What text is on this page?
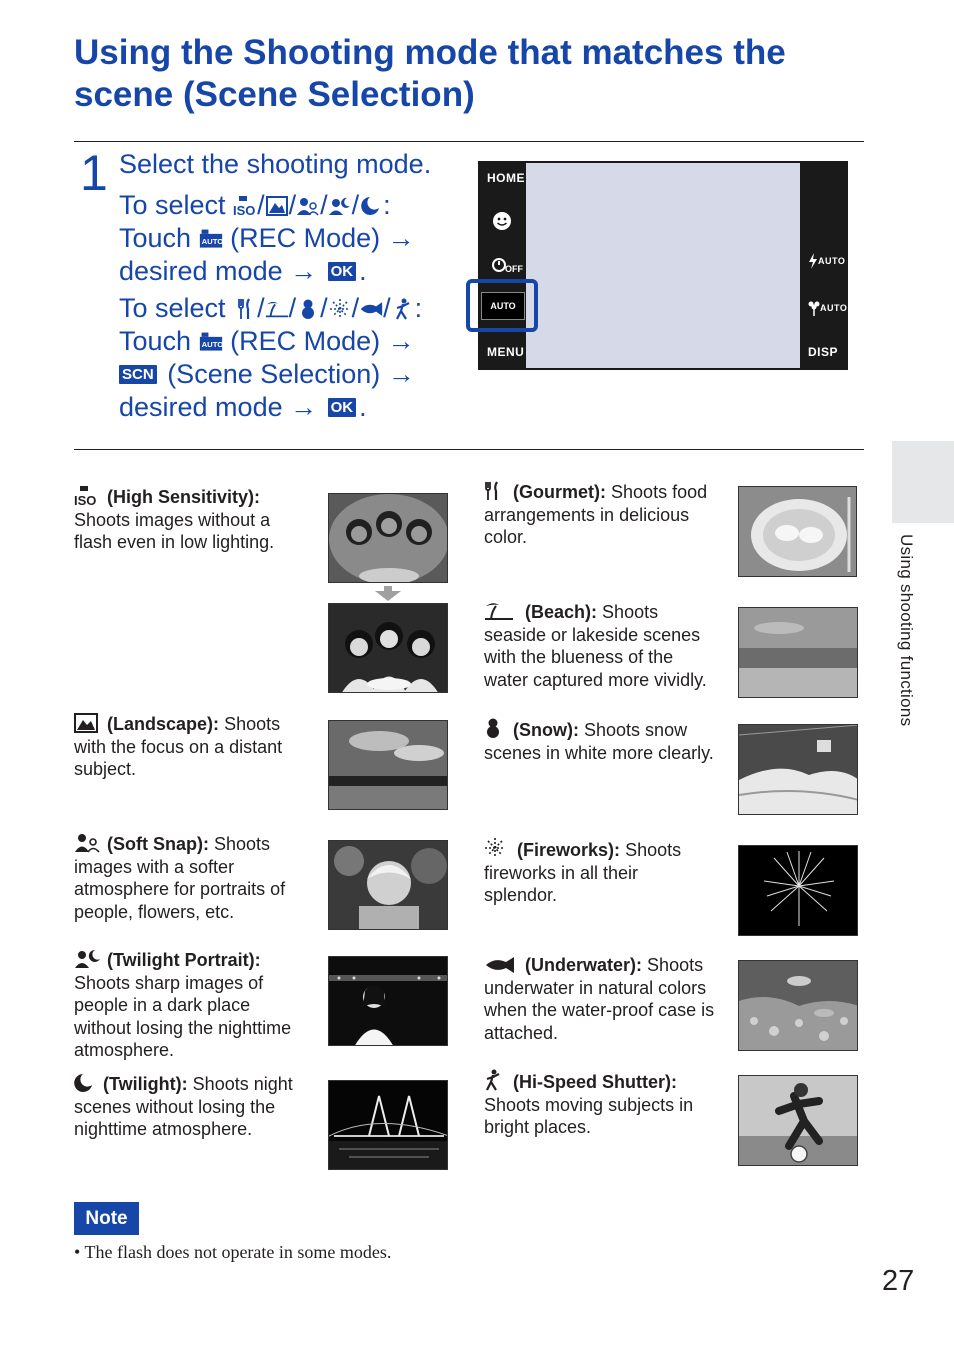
Using the Shooting mode that matches the
scene (Scene Selection)
1 Select the shooting mode.
To select
ISO / / / / :
Touch
AUTO
(REC Mode)
→
desired mode
→
OK .
To select
/ / / / / :
Touch
AUTO
(REC Mode)
→
SCN
(Scene Selection)
→
desired mode
→
OK .
HOME
OFF
AUTO
MENU
AUTO
AUTO
DISP
ISO (High Sensitivity):
Shoots images without a
flash even in low lighting.
(Landscape): Shoots
with the focus on a distant
subject.
(Soft Snap): Shoots
images with a softer
atmosphere for portraits of
people, flowers, etc.
(Twilight Portrait):
Shoots sharp images of
people in a dark place
without losing the nighttime
atmosphere.
(Twilight): Shoots night
scenes without losing the
nighttime atmosphere.
(Gourmet): Shoots food
arrangements in delicious
color.
(Beach): Shoots
seaside or lakeside scenes
with the blueness of the
water captured more vividly.
(Snow): Shoots snow
scenes in white more clearly.
(Fireworks): Shoots
fireworks in all their
splendor.
(Underwater): Shoots
underwater in natural colors
when the water-proof case is
attached.
(Hi-Speed Shutter):
Shoots moving subjects in
bright places.
Using shooting functions
Note
• The flash does not operate in some modes.
27
